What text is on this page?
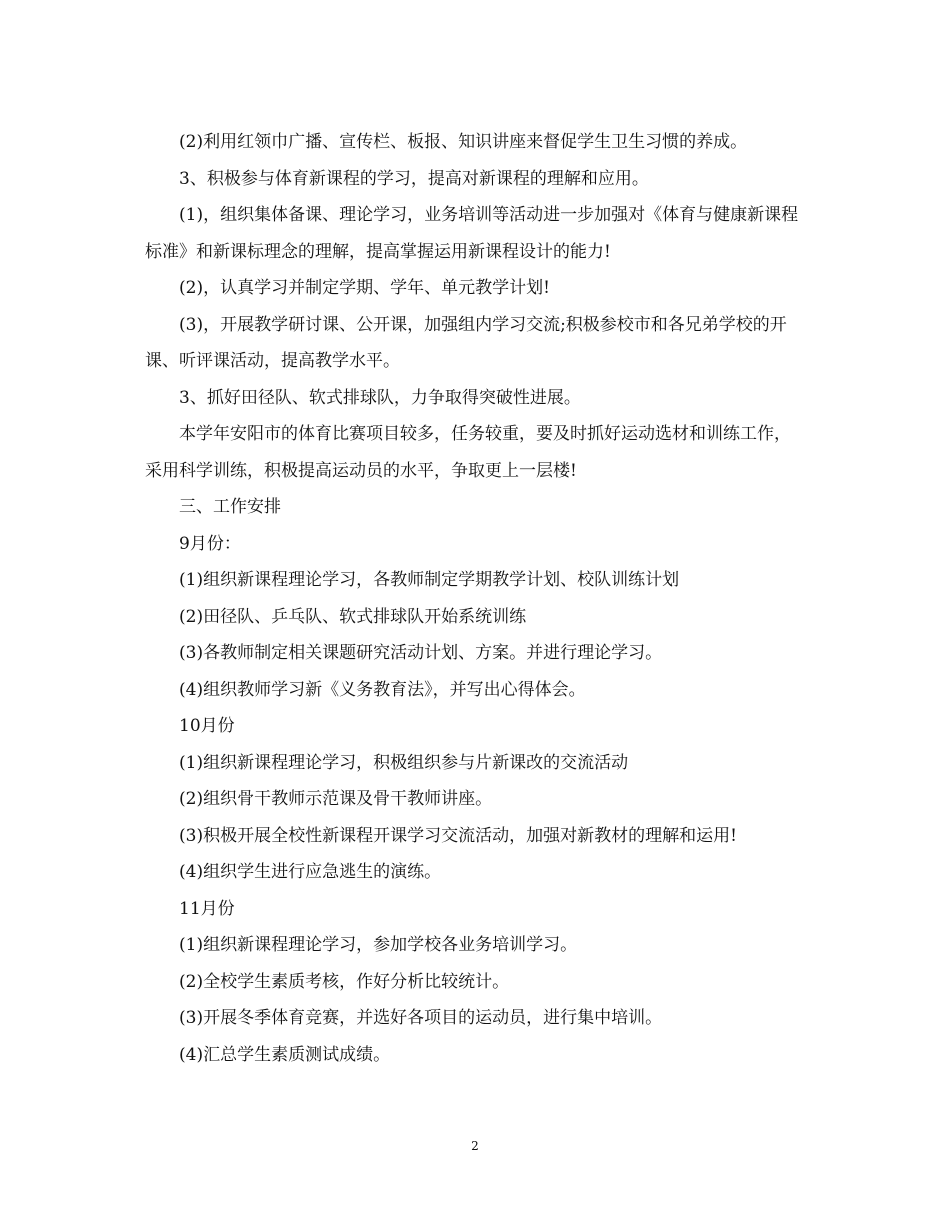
(2)利用红领巾广播、宣传栏、板报、知识讲座来督促学生卫生习惯的养成。

3、积极参与体育新课程的学习，提高对新课程的理解和应用。

(1)，组织集体备课、理论学习，业务培训等活动进一步加强对《体育与健康新课程标准》和新课标理念的理解，提高掌握运用新课程设计的能力!

(2)，认真学习并制定学期、学年、单元教学计划!

(3)，开展教学研讨课、公开课，加强组内学习交流;积极参校市和各兄弟学校的开课、听评课活动，提高教学水平。

3、抓好田径队、软式排球队，力争取得突破性进展。

本学年安阳市的体育比赛项目较多，任务较重，要及时抓好运动选材和训练工作，采用科学训练，积极提高运动员的水平，争取更上一层楼!

三、工作安排

9月份：

(1)组织新课程理论学习，各教师制定学期教学计划、校队训练计划

(2)田径队、乒乓队、软式排球队开始系统训练

(3)各教师制定相关课题研究活动计划、方案。并进行理论学习。

(4)组织教师学习新《义务教育法》，并写出心得体会。

10月份

(1)组织新课程理论学习，积极组织参与片新课改的交流活动

(2)组织骨干教师示范课及骨干教师讲座。

(3)积极开展全校性新课程开课学习交流活动，加强对新教材的理解和运用!

(4)组织学生进行应急逃生的演练。

11月份

(1)组织新课程理论学习，参加学校各业务培训学习。

(2)全校学生素质考核，作好分析比较统计。

(3)开展冬季体育竞赛，并选好各项目的运动员，进行集中培训。

(4)汇总学生素质测试成绩。

2
